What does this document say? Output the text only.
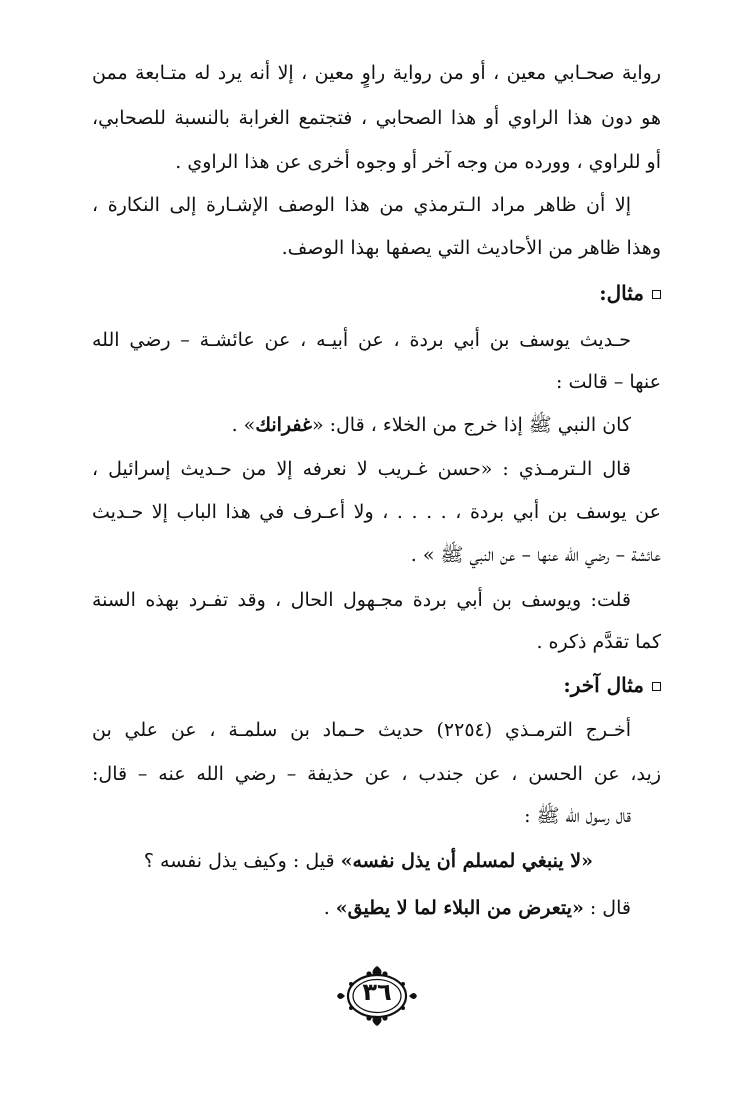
رواية صحـابي معين ، أو من رواية راوٍ معين ، إلا أنه يرد له متـابعة ممن
هو دون هذا الراوي أو هذا الصحابي ، فتجتمع الغرابة بالنسبة للصحابي،
أو للراوي ، وورده من وجه آخر أو وجوه أخرى عن هذا الراوي .
إلا أن ظاهر مراد الـترمذي من هذا الوصف الإشـارة إلى النكارة ،
وهذا ظاهر من الأحاديث التي يصفها بهذا الوصف.
مثال:
حـديث يوسف بن أبي بردة ، عن أبيـه ، عن عائشـة – رضي الله
عنها – قالت :
كان النبي ﷺ إذا خرج من الخلاء ، قال: «غفرانك» .
قال الـترمـذي : «حسن غـريب لا نعرفه إلا من حـديث إسرائيل ،
عن يوسف بن أبي بردة ، . . . . ، ولا أعـرف في هذا الباب إلا حـديث
عائشة – رضي الله عنها – عن النبي ﷺ » .
قلت: ويوسف بن أبي بردة مجـهول الحال ، وقد تفـرد بهذه السنة
كما تقدَّم ذكره .
مثال آخر:
أخـرج الترمـذي (٢٢٥٤) حديث حـماد بن سلمـة ، عن علي بن
زيد، عن الحسن ، عن جندب ، عن حذيفة – رضي الله عنه – قال:
قال رسول الله ﷺ :
«لا ينبغي لمسلم أن يذل نفسه» قيل : وكيف يذل نفسه ؟
قال : «يتعرض من البلاء لما لا يطيق» .
٣٦
